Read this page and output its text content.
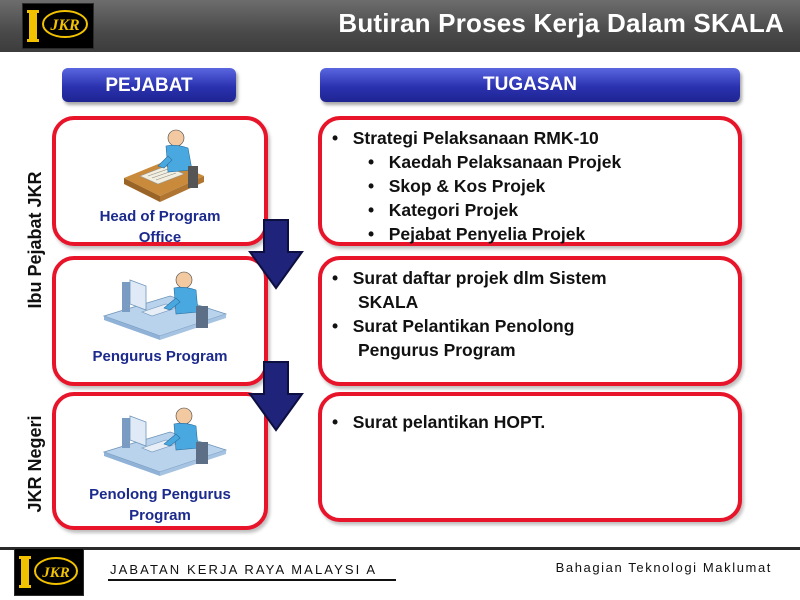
JKR	Butiran Proses Kerja Dalam SKALA
PEJABAT	TUGASAN
Ibu Pejabat JKR
JKR Negeri
Head of Program
Office
Pengurus Program
Penolong Pengurus
Program
•   Strategi Pelaksanaan RMK-10
•   Kaedah Pelaksanaan Projek
•   Skop & Kos Projek
•   Kategori Projek
•   Pejabat Penyelia Projek
•   Surat daftar projek dlm Sistem
SKALA
•   Surat Pelantikan Penolong
Pengurus Program
•   Surat pelantikan HOPT.
JKR	JABATAN KERJA RAYA MALAYSI A	Bahagian Teknologi Maklumat
